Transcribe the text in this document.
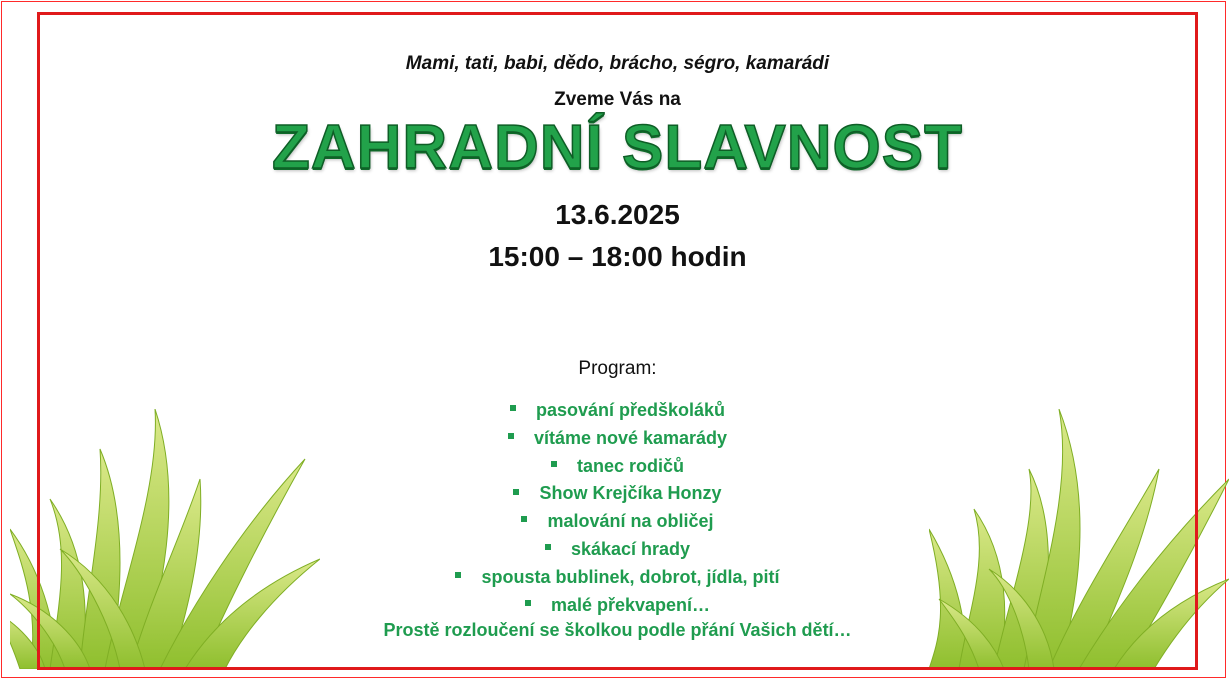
Mami, tati, babi, dědo, brácho, ségro, kamarádi
Zveme Vás na
ZAHRADNÍ SLAVNOST
13.6.2025
15:00 – 18:00 hodin
Program:
pasování předškoláků
vítáme nové kamarády
tanec rodičů
Show Krejčíka Honzy
malování na obličej
skákací hrady
spousta bublinek, dobrot, jídla, pití
malé překvapení…
Prostě rozloučení se školkou podle přání Vašich dětí…
